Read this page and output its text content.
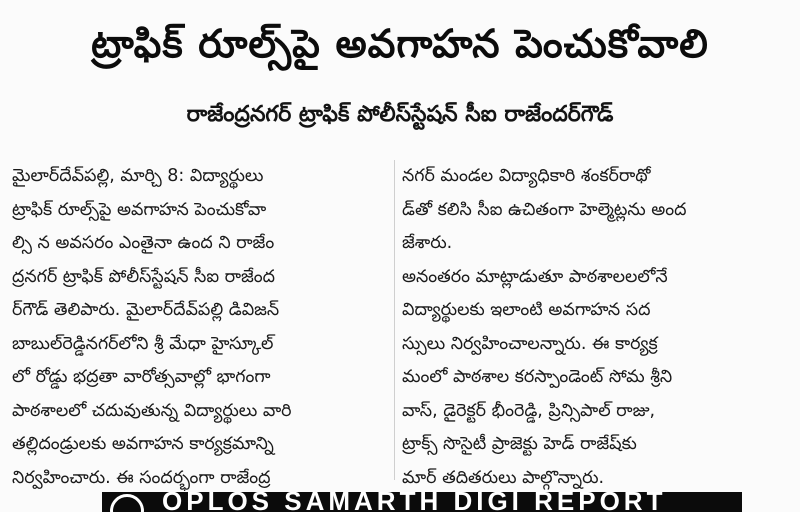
ట్రాఫిక్ రూల్స్‌పై అవగాహన పెంచుకోవాలి
రాజేంద్రనగర్ ట్రాఫిక్ పోలీస్‌స్టేషన్ సీఐ రాజేందర్‌గౌడ్
మైలార్‌దేవ్‌పల్లి, మార్చి 8: విద్యార్థులు
ట్రాఫిక్ రూల్స్‌పై అవగాహన పెంచుకోవా
ల్సి న అవసరం ఎంతైనా ఉంద ని రాజేం
ద్రనగర్ ట్రాఫిక్ పోలీస్‌స్టేషన్ సీఐ రాజేంద
ర్‌గౌడ్ తెలిపారు. మైలార్‌దేవ్‌పల్లి డివిజన్
బాబుల్‌రెడ్డినగర్‌లోని శ్రీ మేధా హైస్కూల్
లో రోడ్డు భద్రతా వారోత్సవాల్లో భాగంగా
పాఠశాలలో చదువుతున్న విద్యార్థులు వారి
తల్లిదండ్రులకు అవగాహన కార్యక్రమాన్ని
నిర్వహించారు. ఈ సందర్భంగా రాజేంద్ర
నగర్ మండల విద్యాధికారి శంకర్‌రాథో
డ్‌తో కలిసి సీఐ ఉచితంగా హెల్మెట్లను అంద
జేశారు.
అనంతరం మాట్లాడుతూ పాఠశాలలలోనే
విద్యార్థులకు ఇలాంటి అవగాహన సద
స్సులు నిర్వహించాలన్నారు. ఈ కార్యక్ర
మంలో పాఠశాల కరస్పాండెంట్ సోమ శ్రీని
వాస్, డైరెక్టర్ భీంరెడ్డి, ప్రిన్సిపాల్ రాజు,
ట్రాక్స్ సొసైటీ ప్రాజెక్టు హెడ్ రాజేష్‌కు
మార్ తదితరులు పాల్గొన్నారు.
OPLOS SAMARTH DIGI REPORT
